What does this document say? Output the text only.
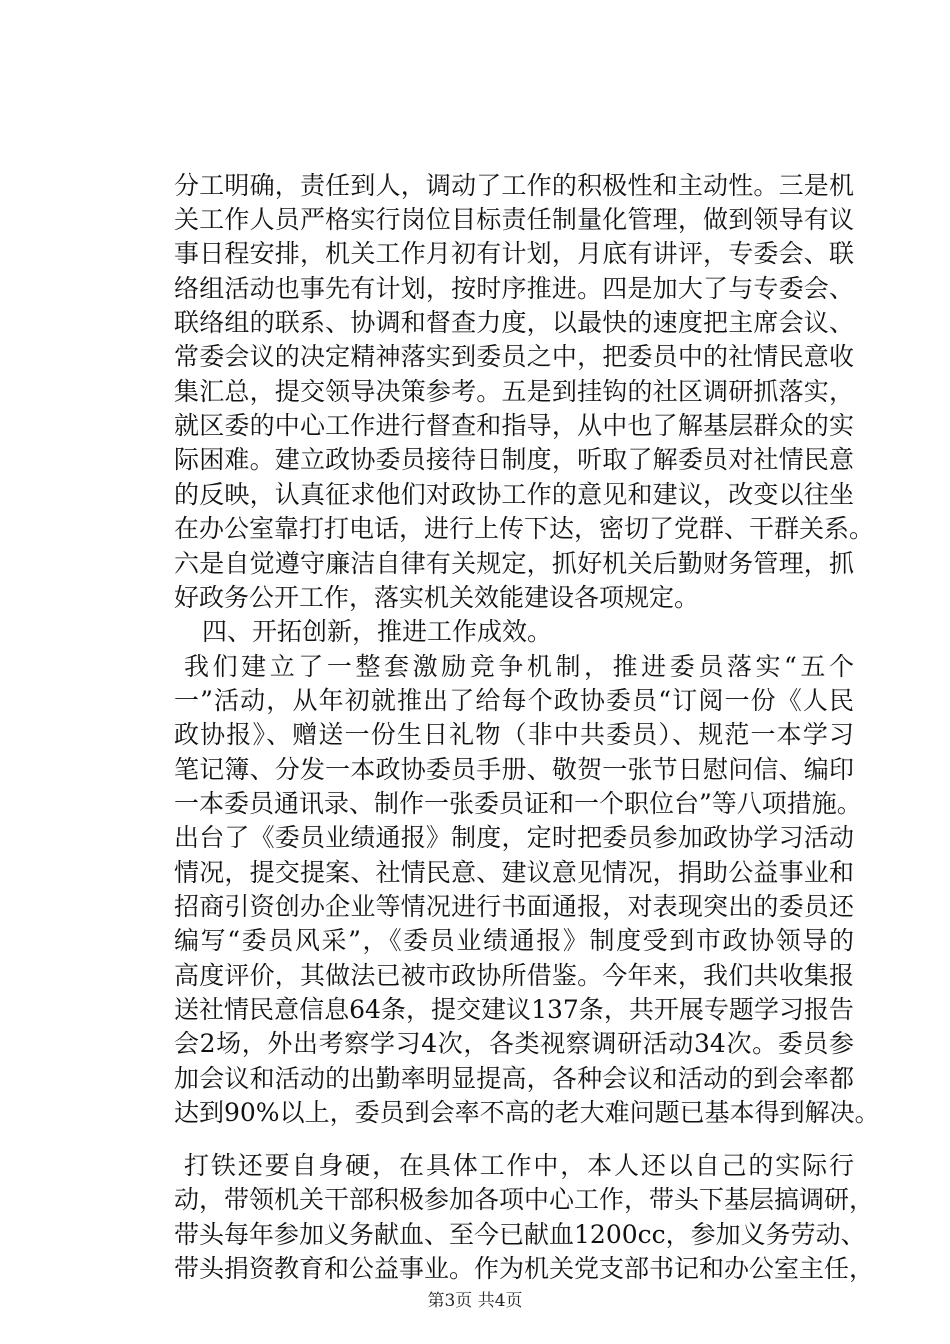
分工明确，责任到人，调动了工作的积极性和主动性。三是机
关工作人员严格实行岗位目标责任制量化管理，做到领导有议
事日程安排，机关工作月初有计划，月底有讲评，专委会、联
络组活动也事先有计划，按时序推进。四是加大了与专委会、
联络组的联系、协调和督查力度，以最快的速度把主席会议、
常委会议的决定精神落实到委员之中，把委员中的社情民意收
集汇总，提交领导决策参考。五是到挂钩的社区调研抓落实，
就区委的中心工作进行督查和指导，从中也了解基层群众的实
际困难。建立政协委员接待日制度，听取了解委员对社情民意
的反映，认真征求他们对政协工作的意见和建议，改变以往坐
在办公室靠打打电话，进行上传下达，密切了党群、干群关系。
六是自觉遵守廉洁自律有关规定，抓好机关后勤财务管理，抓
好政务公开工作，落实机关效能建设各项规定。
四、开拓创新，推进工作成效。
我们建立了一整套激励竞争机制，推进委员落实“五个
一”活动，从年初就推出了给每个政协委员“订阅一份《人民
政协报》、赠送一份生日礼物（非中共委员）、规范一本学习
笔记簿、分发一本政协委员手册、敬贺一张节日慰问信、编印
一本委员通讯录、制作一张委员证和一个职位台”等八项措施。
出台了《委员业绩通报》制度，定时把委员参加政协学习活动
情况，提交提案、社情民意、建议意见情况，捐助公益事业和
招商引资创办企业等情况进行书面通报，对表现突出的委员还
编写“委员风采”，《委员业绩通报》制度受到市政协领导的
高度评价，其做法已被市政协所借鉴。今年来，我们共收集报
送社情民意信息64条，提交建议137条，共开展专题学习报告
会2场，外出考察学习4次，各类视察调研活动34次。委员参
加会议和活动的出勤率明显提高，各种会议和活动的到会率都
达到90%以上，委员到会率不高的老大难问题已基本得到解决。
打铁还要自身硬，在具体工作中，本人还以自己的实际行
动，带领机关干部积极参加各项中心工作，带头下基层搞调研，
带头每年参加义务献血、至今已献血1200cc，参加义务劳动、
带头捐资教育和公益事业。作为机关党支部书记和办公室主任，
第3页 共4页
